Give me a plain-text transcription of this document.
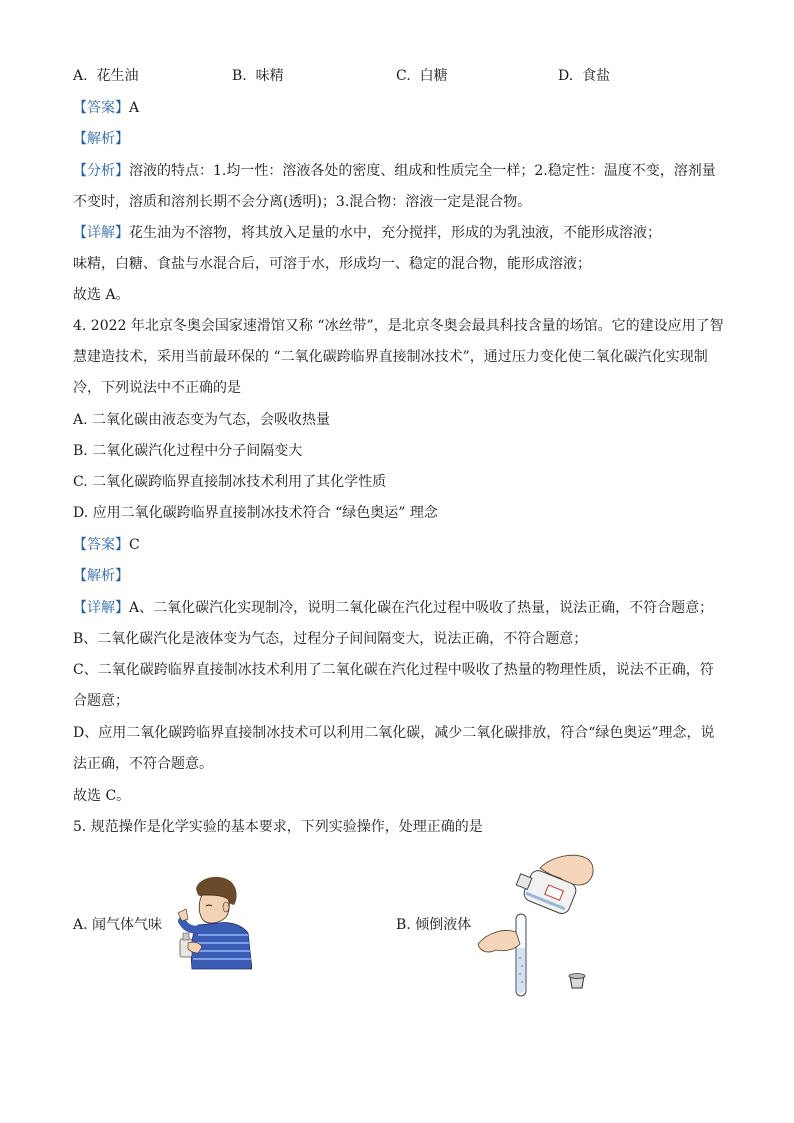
A. 花生油	B. 味精	C. 白糖	D. 食盐
【答案】A
【解析】
【分析】溶液的特点：1.均一性：溶液各处的密度、组成和性质完全一样；2.稳定性：温度不变，溶剂量
不变时，溶质和溶剂长期不会分离(透明)；3.混合物：溶液一定是混合物。
【详解】花生油为不溶物，将其放入足量的水中，充分搅拌，形成的为乳浊液，不能形成溶液；
味精，白糖、食盐与水混合后，可溶于水，形成均一、稳定的混合物，能形成溶液；
故选 A。
4. 2022 年北京冬奥会国家速滑馆又称 “冰丝带”，是北京冬奥会最具科技含量的场馆。它的建设应用了智
慧建造技术，采用当前最环保的 “二氧化碳跨临界直接制冰技术”，通过压力变化使二氧化碳汽化实现制
冷，下列说法中不正确的是
A. 二氧化碳由液态变为气态，会吸收热量
B. 二氧化碳汽化过程中分子间隔变大
C. 二氧化碳跨临界直接制冰技术利用了其化学性质
D. 应用二氧化碳跨临界直接制冰技术符合 “绿色奥运” 理念
【答案】C
【解析】
【详解】A、二氧化碳汽化实现制冷，说明二氧化碳在汽化过程中吸收了热量，说法正确，不符合题意；
B、二氧化碳汽化是液体变为气态，过程分子间间隔变大，说法正确，不符合题意；
C、二氧化碳跨临界直接制冰技术利用了二氧化碳在汽化过程中吸收了热量的物理性质，说法不正确，符
合题意；
D、应用二氧化碳跨临界直接制冰技术可以利用二氧化碳，减少二氧化碳排放，符合“绿色奥运”理念，说
法正确，不符合题意。
故选 C。
5. 规范操作是化学实验的基本要求，下列实验操作，处理正确的是
A. 闻气体气味	B. 倾倒液体
